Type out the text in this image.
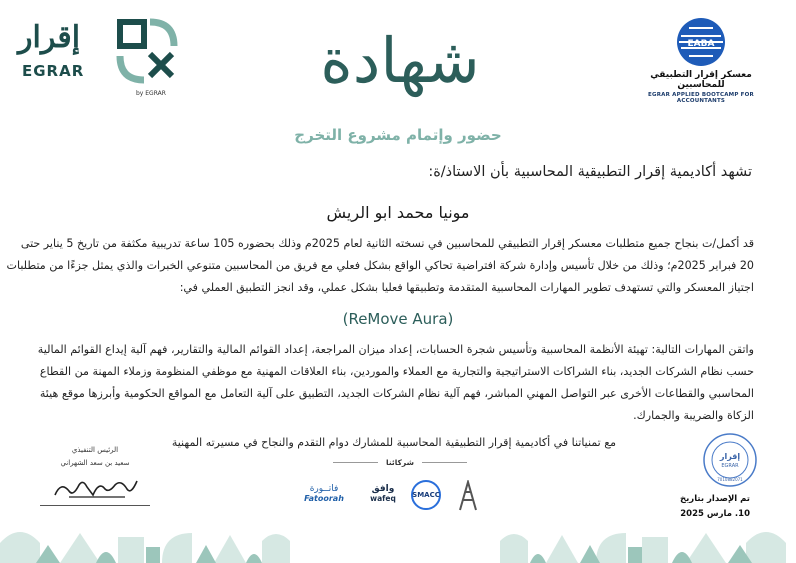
إقرار
EGRAR
by EGRAR	شهادة	EABA
معسكر إقرار التطبيقي للمحاسبين
EGRAR APPLIED BOOTCAMP FOR ACCOUNTANTS
حضور وإتمام مشروع التخرج
تشهد أكاديمية إقرار التطبيقية المحاسبية بأن الاستاذ/ة:
مونيا محمد ابو الريش
قد أكمل/ت بنجاح جميع متطلبات معسكر إقرار التطبيقي للمحاسبين في نسخته الثانية لعام 2025م وذلك بحضوره 105 ساعة تدريبية مكثفة من تاريخ 5 يناير حتى
20 فبراير 2025م؛ وذلك من خلال تأسيس وإدارة شركة افتراضية تحاكي الواقع بشكل فعلي مع فريق من المحاسبين متنوعي الخبرات والذي يمثل جزءًا من متطلبات
اجتياز المعسكر والتي تستهدف تطوير المهارات المحاسبية المتقدمة وتطبيقها فعليا بشكل عملي، وقد انجز التطبيق العملي في:
(ReMove Aura)
واتقن المهارات التالية: تهيئة الأنظمة المحاسبية وتأسيس شجرة الحسابات، إعداد ميزان المراجعة، إعداد القوائم المالية والتقارير، فهم آلية إيداع القوائم المالية
حسب نظام الشركات الجديد، بناء الشراكات الاستراتيجية والتجارية مع العملاء والموردين، بناء العلاقات المهنية مع موظفي المنظومة وزملاء المهنة من القطاع
المحاسبي والقطاعات الأخرى عبر التواصل المهني المباشر، فهم آلية نظام الشركات الجديد، التطبيق على آلية التعامل مع المواقع الحكومية وأبرزها موقع هيئة
الزكاة والضريبة والجمارك.
مع تمنياتنا في أكاديمية إقرار التطبيقية المحاسبية للمشارك دوام التقدم والنجاح في مسيرته المهنية
الرئيس التنفيذي
سعيد بن سعد الشهراني	شركائنا
فاتــورة
Fatoorah
وافق
wafeq	SMACC
إقرار
EGRAR
7010882071
تم الإصدار بتاريخ
10. مارس 2025
